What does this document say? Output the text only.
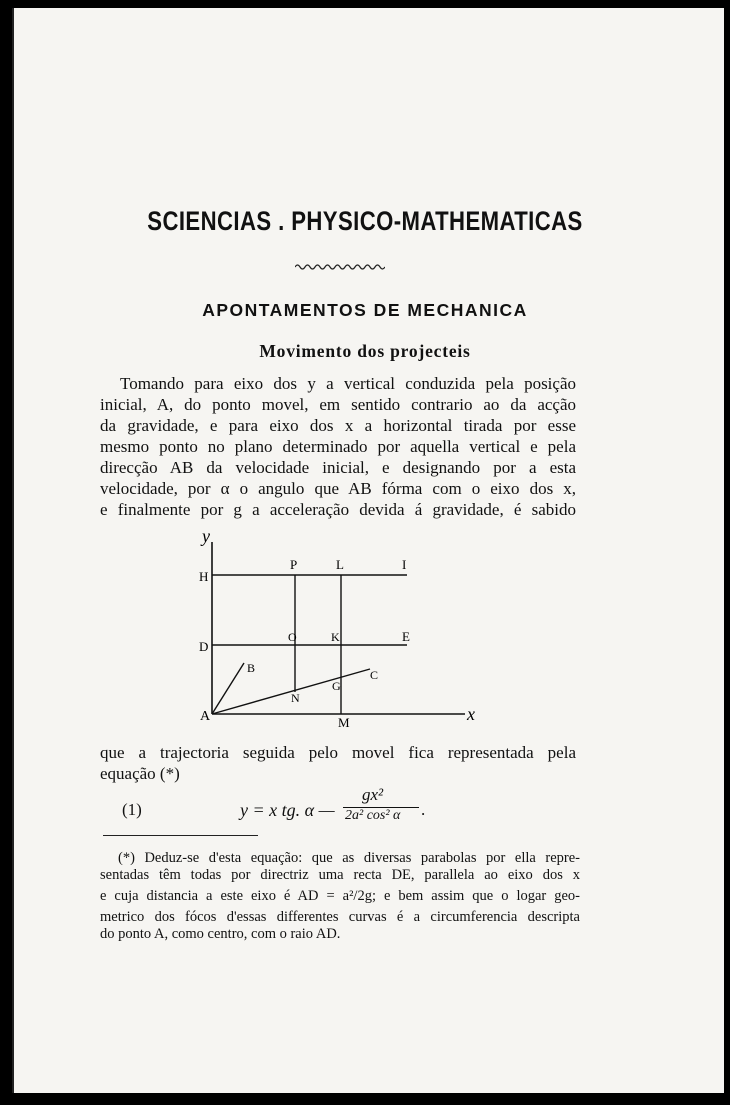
SCIENCIAS . PHYSICO-MATHEMATICAS
APONTAMENTOS DE MECHANICA
Movimento dos projecteis

Tomando para eixo dos y a vertical conduzida pela posição

inicial, A, do ponto movel, em sentido contrario ao da acção

da gravidade, e para eixo dos x a horizontal tirada por esse

mesmo ponto no plano determinado por aquella vertical e pela

direcção AB da velocidade inicial, e designando por a esta

velocidade, por α o angulo que AB fórma com o eixo dos x,

e finalmente por g a acceleração devida á gravidade, é sabido

y
H
D
A
P	L	I
O	K	E
B	C
N
G
M	x

que a trajectoria seguida pelo movel fica representada pela

equação (*)

(1)	y = x tg. α —
gx²
2a² cos² α .

(*) Deduz-se d'esta equação: que as diversas parabolas por ella repre-

sentadas têm todas por directriz uma recta DE, parallela ao eixo dos x

e cuja distancia a este eixo é AD = a²/2g; e bem assim que o logar geo-

metrico dos fócos d'essas differentes curvas é a circumferencia descripta

do ponto A, como centro, com o raio AD.
